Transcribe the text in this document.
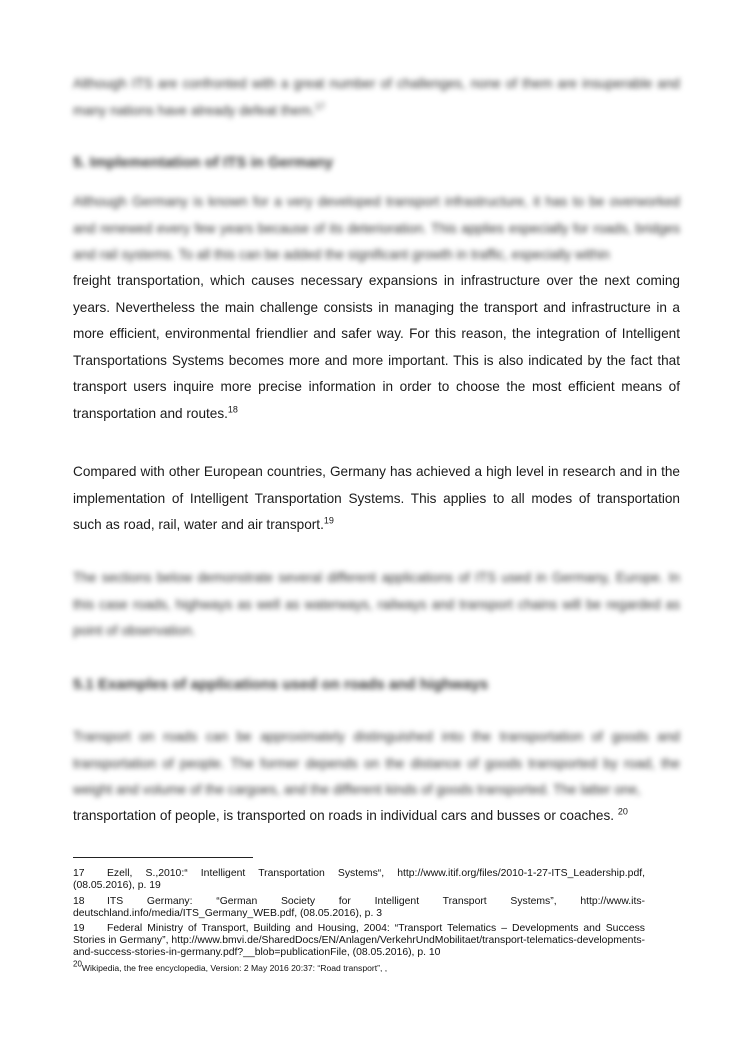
Although ITS are confronted with a great number of challenges, none of them are insuperable and many nations have already defeat them.$^{17}$

5. Implementation of ITS in Germany

Although Germany is known for a very developed transport infrastructure, it has to be overworked and renewed every few years because of its deterioration. This applies especially for roads, bridges and rail systems. To all this can be added the significant growth in traffic, especially within

freight transportation, which causes necessary expansions in infrastructure over the next coming years. Nevertheless the main challenge consists in managing the transport and infrastructure in a more efficient, environmental friendlier and safer way. For this reason, the integration of Intelligent Transportations Systems becomes more and more important. This is also indicated by the fact that transport users inquire more precise information in order to choose the most efficient means of transportation and routes.$^{18}$

Compared with other European countries, Germany has achieved a high level in research and in the implementation of Intelligent Transportation Systems. This applies to all modes of transportation such as road, rail, water and air transport.$^{19}$

The sections below demonstrate several different applications of ITS used in Germany, Europe. In this case roads, highways as well as waterways, railways and transport chains will be regarded as point of observation.

5.1 Examples of applications used on roads and highways

Transport on roads can be approximately distinguished into the transportation of goods and transportation of people. The former depends on the distance of goods transported by road, the weight and volume of the cargoes, and the different kinds of goods transported. The latter one,

transportation of people, is transported on roads in individual cars and busses or coaches. $^{20}$

17 Ezell, S.,2010:“ Intelligent Transportation Systems“, http://www.itif.org/files/2010-1-27-ITS_Leadership.pdf, (08.05.2016), p. 19
18 ITS Germany: “German Society for Intelligent Transport Systems”, http://www.its-deutschland.info/media/ITS_Germany_WEB.pdf, (08.05.2016), p. 3
19 Federal Ministry of Transport, Building and Housing, 2004: “Transport Telematics – Developments and Success Stories in Germany”, http://www.bmvi.de/SharedDocs/EN/Anlagen/VerkehrUndMobilitaet/transport-telematics-developments-and-success-stories-in-germany.pdf?__blob=publicationFile, (08.05.2016), p. 10
$^{20}$Wikipedia, the free encyclopedia, Version: 2 May 2016 20:37: “Road transport”, ,
